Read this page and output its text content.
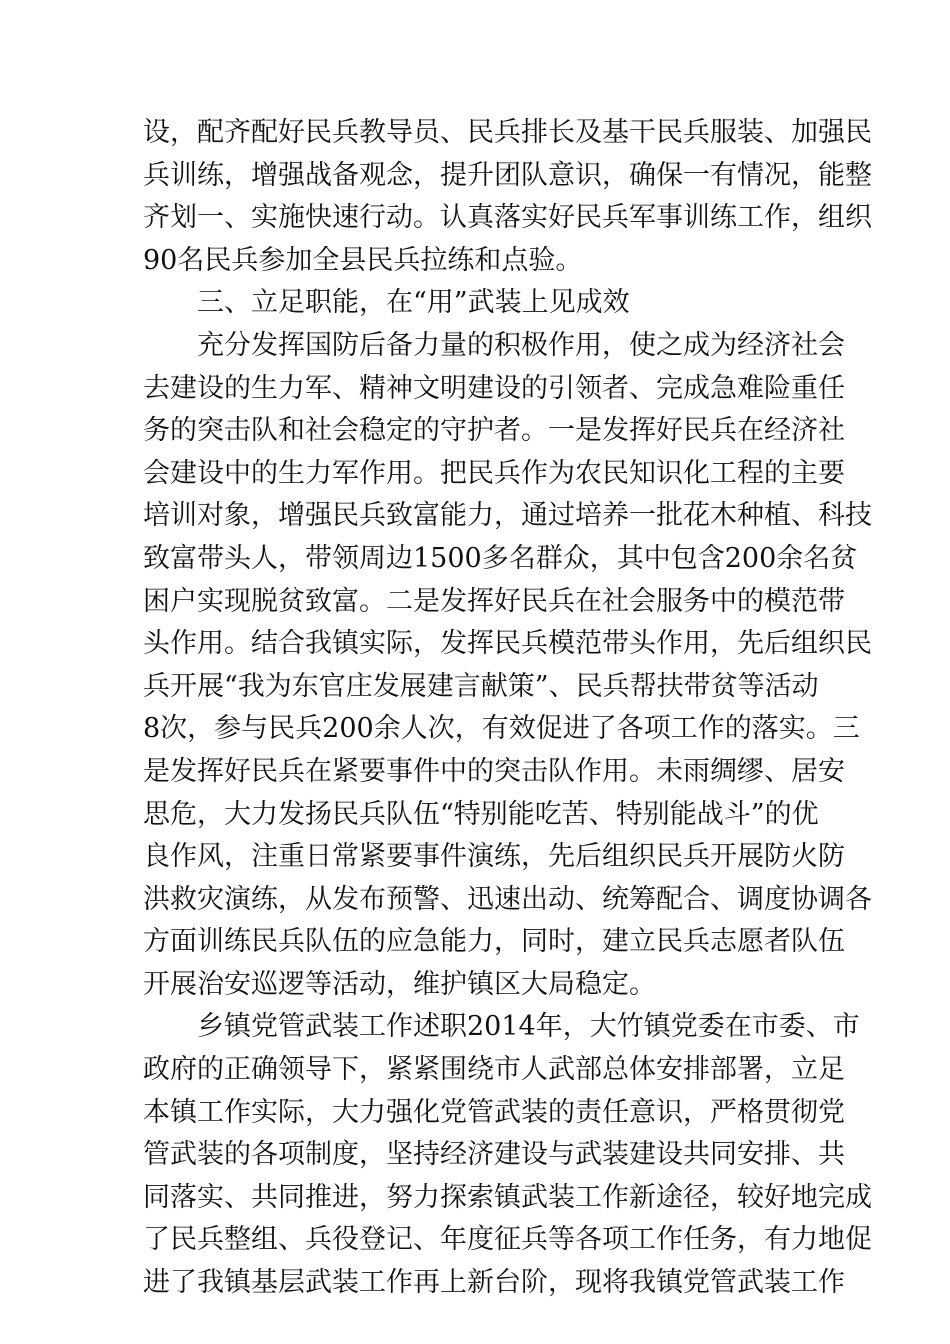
设，配齐配好民兵教导员、民兵排长及基干民兵服装、加强民
兵训练，增强战备观念，提升团队意识，确保一有情况，能整
齐划一、实施快速行动。认真落实好民兵军事训练工作，组织
90名民兵参加全县民兵拉练和点验。
三、立足职能，在“用”武装上见成效
充分发挥国防后备力量的积极作用，使之成为经济社会
去建设的生力军、精神文明建设的引领者、完成急难险重任
务的突击队和社会稳定的守护者。一是发挥好民兵在经济社
会建设中的生力军作用。把民兵作为农民知识化工程的主要
培训对象，增强民兵致富能力，通过培养一批花木种植、科技
致富带头人，带领周边1500多名群众，其中包含200余名贫
困户实现脱贫致富。二是发挥好民兵在社会服务中的模范带
头作用。结合我镇实际，发挥民兵模范带头作用，先后组织民
兵开展“我为东官庄发展建言献策”、民兵帮扶带贫等活动
8次，参与民兵200余人次，有效促进了各项工作的落实。三
是发挥好民兵在紧要事件中的突击队作用。未雨绸缪、居安
思危，大力发扬民兵队伍“特别能吃苦、特别能战斗”的优
良作风，注重日常紧要事件演练，先后组织民兵开展防火防
洪救灾演练，从发布预警、迅速出动、统筹配合、调度协调各
方面训练民兵队伍的应急能力，同时，建立民兵志愿者队伍
开展治安巡逻等活动，维护镇区大局稳定。
乡镇党管武装工作述职2014年，大竹镇党委在市委、市
政府的正确领导下，紧紧围绕市人武部总体安排部署，立足
本镇工作实际，大力强化党管武装的责任意识，严格贯彻党
管武装的各项制度，坚持经济建设与武装建设共同安排、共
同落实、共同推进，努力探索镇武装工作新途径，较好地完成
了民兵整组、兵役登记、年度征兵等各项工作任务，有力地促
进了我镇基层武装工作再上新台阶，现将我镇党管武装工作
